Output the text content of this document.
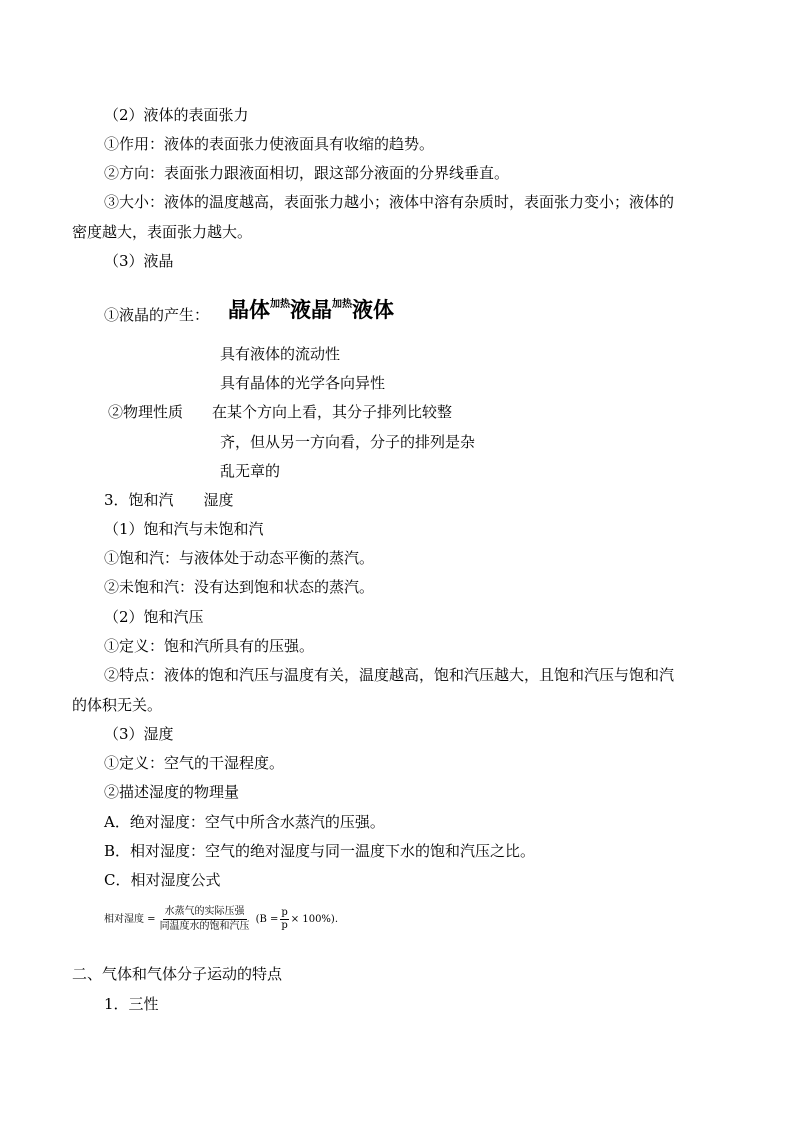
（2）液体的表面张力
①作用：液体的表面张力使液面具有收缩的趋势。
②方向：表面张力跟液面相切，跟这部分液面的分界线垂直。
③大小：液体的温度越高，表面张力越小；液体中溶有杂质时，表面张力变小；液体的
密度越大，表面张力越大。
（3）液晶
①液晶的产生： 晶体$^{加热}$液晶$^{加热}$液体
具有液体的流动性
具有晶体的光学各向异性
②物理性质 在某个方向上看，其分子排列比较整
齐，但从另一方向看，分子的排列是杂
乱无章的
3．饱和汽　　湿度
（1）饱和汽与未饱和汽
①饱和汽：与液体处于动态平衡的蒸汽。
②未饱和汽：没有达到饱和状态的蒸汽。
（2）饱和汽压
①定义：饱和汽所具有的压强。
②特点：液体的饱和汽压与温度有关，温度越高，饱和汽压越大，且饱和汽压与饱和汽
的体积无关。
（3）湿度
①定义：空气的干湿程度。
②描述湿度的物理量
A．绝对湿度：空气中所含水蒸汽的压强。
B．相对湿度：空气的绝对湿度与同一温度下水的饱和汽压之比。
C．相对湿度公式
相对湿度 = $\frac{\text{水蒸气的实际压强}}{\text{同温度水的饱和汽压}} (B = \frac{p}{p} \times 100\%)$.
二、气体和气体分子运动的特点
1．三性
